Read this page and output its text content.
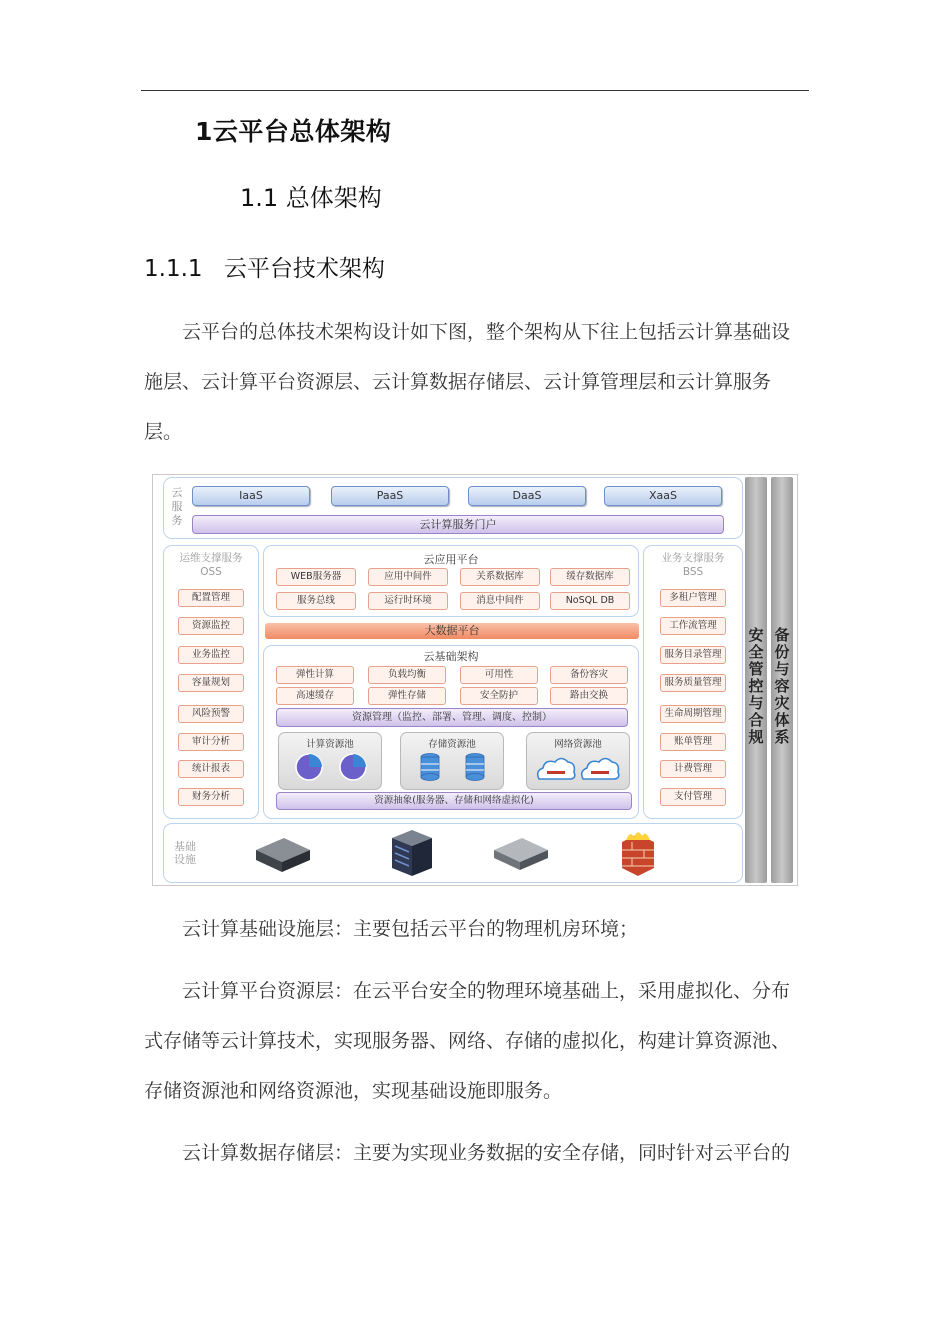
1云平台总体架构
1.1 总体架构
1.1.1 云平台技术架构
云平台的总体技术架构设计如下图，整个架构从下往上包括云计算基础设施层、云计算平台资源层、云计算数据存储层、云计算管理层和云计算服务层。
云
服
务
IaaS	PaaS	DaaS	XaaS
云计算服务门户
运维支撑服务
OSS
配置管理
资源监控
业务监控
容量规划
风险预警
审计分析
统计报表
财务分析
云应用平台
WEB服务器	应用中间件	关系数据库	缓存数据库
服务总线	运行时环境	消息中间件	NoSQL DB
大数据平台
云基础架构
弹性计算	负载均衡	可用性	备份容灾
高速缓存	弹性存储	安全防护	路由交换
资源管理（监控、部署、管理、调度、控制）
计算资源池	存储资源池	网络资源池
资源抽象(服务器、存储和网络虚拟化)
业务支撑服务
BSS
多租户管理
工作流管理
服务目录管理
服务质量管理
生命周期管理
账单管理
计费管理
支付管理
基础
设施
安
全
管
控
与
合
规
备
份
与
容
灾
体
系
云计算基础设施层：主要包括云平台的物理机房环境；
云计算平台资源层：在云平台安全的物理环境基础上，采用虚拟化、分布式存储等云计算技术，实现服务器、网络、存储的虚拟化，构建计算资源池、存储资源池和网络资源池，实现基础设施即服务。
云计算数据存储层：主要为实现业务数据的安全存储，同时针对云平台的
